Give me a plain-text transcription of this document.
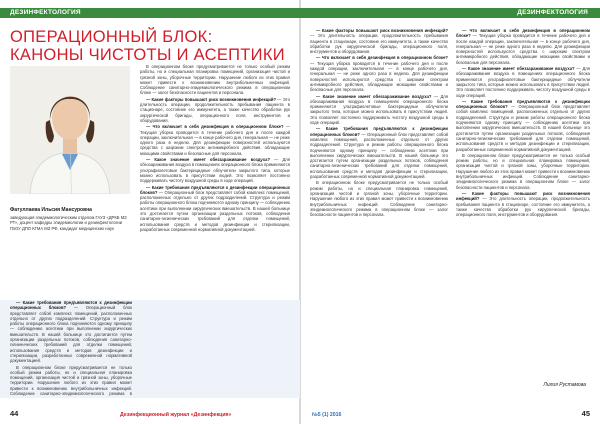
ДЕЗИНФЕКТОЛОГИЯ	ДЕЗИНФЕКТОЛОГИЯ
ОПЕРАЦИОННЫЙ БЛОК:
КАНОНЫ ЧИСТОТЫ И АСЕПТИКИ
Фатуллаева Ильсия Мансуровна
заведующая эпидемиологическим отделом ГАУЗ «ДРКБ МЗ РТ», доцент кафедры эпидемиологии и дезинфектологии ГБОУ ДПО КГМА МЗ РФ, кандидат медицинских наук

— Какие требования предъявляются к дезинфекции операционных блоков? — Операционный блок представляет собой комплекс помещений, расположенных отдельно от других подразделений. Структура и режим работы операционного блока подчиняются одному принципу — соблюдению асептики при выполнении хирургических вмешательств. В нашей больнице это достигается путем организации раздельных потоков, соблюдения санитарно-гигиенических требований для отделки помещений, использования средств и методов дезинфекции и стерилизации, разработанных современной нормативной документацией.

В операционном блоке предусматривается не только особый режим работы, но и специальная планировка помещений, организация чистой и грязной зоны, уборочные территории. Нарушение любого из этих правил может привести к возникновению внутрибольничных инфекций. Соблюдение санитарно-эпидемиологического режима в

В операционном блоке предусматривается не только особый режим работы, но и специальная планировка помещений, организация чистой и грязной зоны, уборочные территории. Нарушение любого из этих правил может привести к возникновению внутрибольничных инфекций. Соблюдение санитарно-эпидемиологического режима в операционном блоке — залог безопасности пациентов и персонала.

— Какие факторы повышают риск возникновения инфекций? — Это длительность операции, продолжительность пребывания пациента в стационаре, состояние его иммунитета, а также качество обработки рук хирургической бригады, операционного поля, инструментов и оборудования.

— Что включает в себя дезинфекция в операционном блоке? — Текущая уборка проводится в течение рабочего дня и после каждой операции, заключительная — в конце рабочего дня, генеральная — не реже одного раза в неделю. Для дезинфекции поверхностей используются средства с широким спектром антимикробного действия, обладающие моющими свойствами и безопасные для персонала.

— Какое значение имеет обеззараживание воздуха? — Для обеззараживания воздуха в помещениях операционного блока применяются ультрафиолетовые бактерицидные облучатели закрытого типа, которые можно использовать в присутствии людей. Это позволяет постоянно поддерживать чистоту воздушной среды в ходе операций.

— Какие требования предъявляются к дезинфекции операционных блоков? — Операционный блок представляет собой комплекс помещений, расположенных отдельно от других подразделений. Структура и режим работы операционного блока подчиняются одному принципу — соблюдению асептики при выполнении хирургических вмешательств. В нашей больнице это достигается путем организации раздельных потоков, соблюдения санитарно-гигиенических требований для отделки помещений, использования средств и методов дезинфекции и стерилизации, разработанных современной нормативной документацией.

— Какие факторы повышают риск возникновения инфекций? — Это длительность операции, продолжительность пребывания пациента в стационаре, состояние его иммунитета, а также качество обработки рук хирургической бригады, операционного поля, инструментов и оборудования.

— Что включает в себя дезинфекция в операционном блоке? — Текущая уборка проводится в течение рабочего дня и после каждой операции, заключительная — в конце рабочего дня, генеральная — не реже одного раза в неделю. Для дезинфекции поверхностей используются средства с широким спектром антимикробного действия, обладающие моющими свойствами и безопасные для персонала.

— Какое значение имеет обеззараживание воздуха? — Для обеззараживания воздуха в помещениях операционного блока применяются ультрафиолетовые бактерицидные облучатели закрытого типа, которые можно использовать в присутствии людей. Это позволяет постоянно поддерживать чистоту воздушной среды в ходе операций.

— Какие требования предъявляются к дезинфекции операционных блоков? — Операционный блок представляет собой комплекс помещений, расположенных отдельно от других подразделений. Структура и режим работы операционного блока подчиняются одному принципу — соблюдению асептики при выполнении хирургических вмешательств. В нашей больнице это достигается путем организации раздельных потоков, соблюдения санитарно-гигиенических требований для отделки помещений, использования средств и методов дезинфекции и стерилизации, разработанных современной нормативной документацией.

В операционном блоке предусматривается не только особый режим работы, но и специальная планировка помещений, организация чистой и грязной зоны, уборочные территории. Нарушение любого из этих правил может привести к возникновению внутрибольничных инфекций. Соблюдение санитарно-эпидемиологического режима в операционном блоке — залог безопасности пациентов и персонала.

— Что включает в себя дезинфекция в операционном блоке? — Текущая уборка проводится в течение рабочего дня и после каждой операции, заключительная — в конце рабочего дня, генеральная — не реже одного раза в неделю. Для дезинфекции поверхностей используются средства с широким спектром антимикробного действия, обладающие моющими свойствами и безопасные для персонала.

— Какое значение имеет обеззараживание воздуха? — Для обеззараживания воздуха в помещениях операционного блока применяются ультрафиолетовые бактерицидные облучатели закрытого типа, которые можно использовать в присутствии людей. Это позволяет постоянно поддерживать чистоту воздушной среды в ходе операций.

— Какие требования предъявляются к дезинфекции операционных блоков? — Операционный блок представляет собой комплекс помещений, расположенных отдельно от других подразделений. Структура и режим работы операционного блока подчиняются одному принципу — соблюдению асептики при выполнении хирургических вмешательств. В нашей больнице это достигается путем организации раздельных потоков, соблюдения санитарно-гигиенических требований для отделки помещений, использования средств и методов дезинфекции и стерилизации, разработанных современной нормативной документацией.

В операционном блоке предусматривается не только особый режим работы, но и специальная планировка помещений, организация чистой и грязной зоны, уборочные территории. Нарушение любого из этих правил может привести к возникновению внутрибольничных инфекций. Соблюдение санитарно-эпидемиологического режима в операционном блоке — залог безопасности пациентов и персонала.

— Какие факторы повышают риск возникновения инфекций? — Это длительность операции, продолжительность пребывания пациента в стационаре, состояние его иммунитета, а также качество обработки рук хирургической бригады, операционного поля, инструментов и оборудования.

Лилия Рустамова
44	Дезинфекционный журнал «Дезинфекция»	№5 (1) 2016	45
